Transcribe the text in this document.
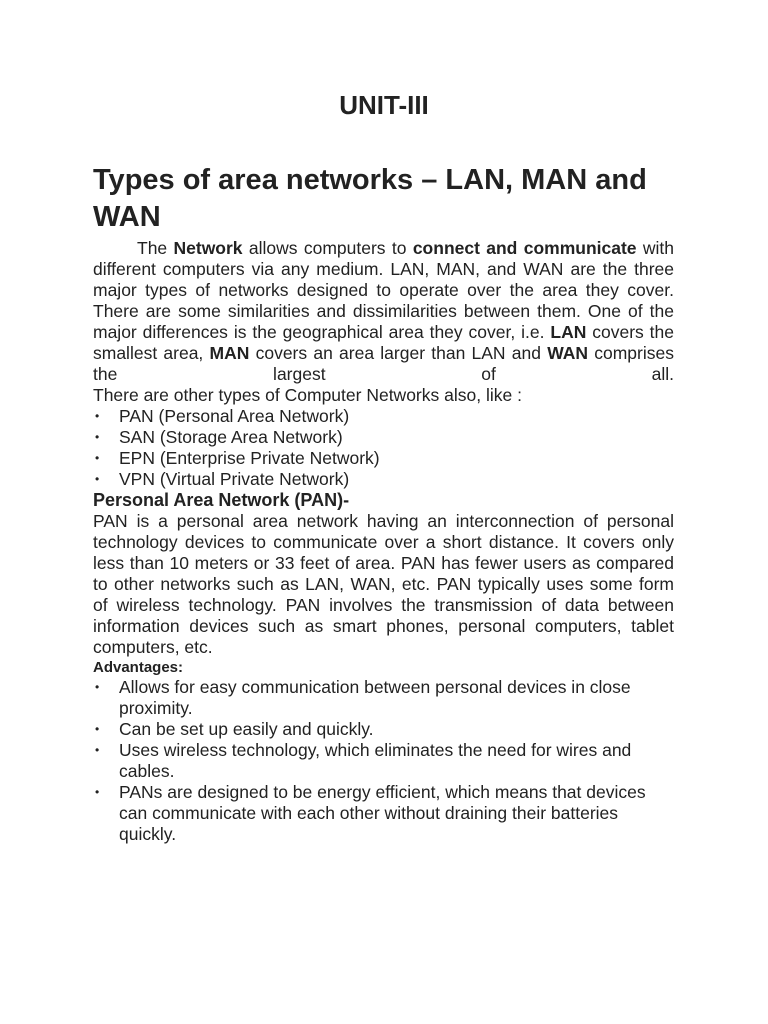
UNIT-III
Types of area networks – LAN, MAN and WAN

The Network allows computers to connect and communicate with different computers via any medium. LAN, MAN, and WAN are the three major types of networks designed to operate over the area they cover. There are some similarities and dissimilarities between them. One of the major differences is the geographical area they cover, i.e. LAN covers the smallest area, MAN covers an area larger than LAN and WAN comprises the largest of all.

There are other types of Computer Networks also, like :

• PAN (Personal Area Network)
• SAN (Storage Area Network)
• EPN (Enterprise Private Network)
• VPN (Virtual Private Network)

Personal Area Network (PAN)-

PAN is a personal area network having an interconnection of personal technology devices to communicate over a short distance. It covers only less than 10 meters or 33 feet of area. PAN has fewer users as compared to other networks such as LAN, WAN, etc. PAN typically uses some form of wireless technology. PAN involves the transmission of data between information devices such as smart phones, personal computers, tablet computers, etc.

Advantages:

• Allows for easy communication between personal devices in close proximity.
• Can be set up easily and quickly.
• Uses wireless technology, which eliminates the need for wires and cables.
• PANs are designed to be energy efficient, which means that devices can communicate with each other without draining their batteries quickly.
